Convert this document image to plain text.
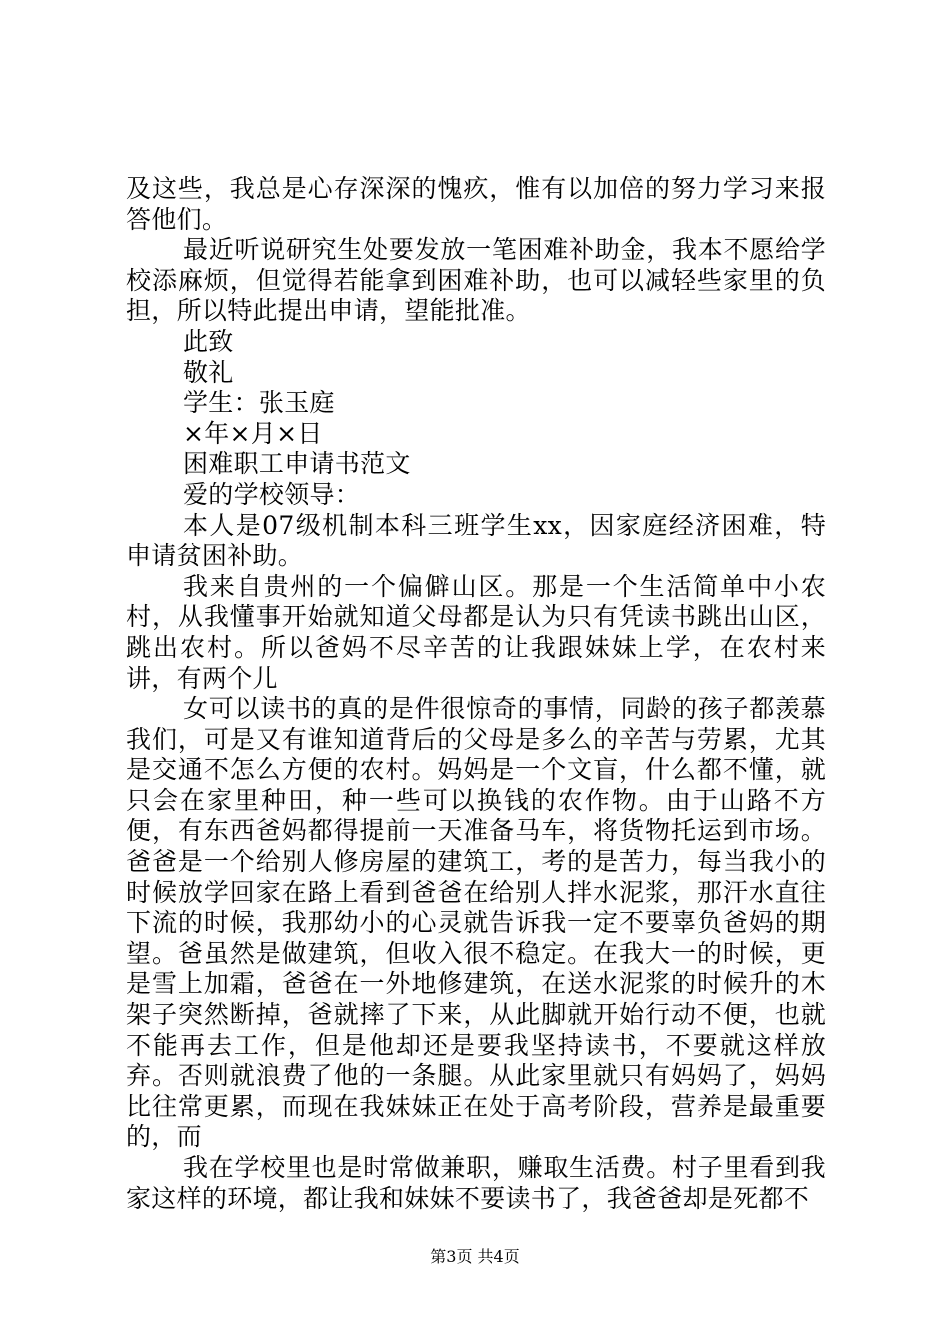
及这些，我总是心存深深的愧疚，惟有以加倍的努力学习来报答他们。

最近听说研究生处要发放一笔困难补助金，我本不愿给学校添麻烦，但觉得若能拿到困难补助，也可以减轻些家里的负担，所以特此提出申请，望能批准。

此致

敬礼

学生：张玉庭

×年×月×日

困难职工申请书范文

爱的学校领导：

本人是07级机制本科三班学生xx，因家庭经济困难，特申请贫困补助。

我来自贵州的一个偏僻山区。那是一个生活简单中小农村，从我懂事开始就知道父母都是认为只有凭读书跳出山区，跳出农村。所以爸妈不尽辛苦的让我跟妹妹上学，在农村来讲，有两个儿

女可以读书的真的是件很惊奇的事情，同龄的孩子都羡慕我们，可是又有谁知道背后的父母是多么的辛苦与劳累，尤其是交通不怎么方便的农村。妈妈是一个文盲，什么都不懂，就只会在家里种田，种一些可以换钱的农作物。由于山路不方便，有东西爸妈都得提前一天准备马车，将货物托运到市场。爸爸是一个给别人修房屋的建筑工，考的是苦力，每当我小的时候放学回家在路上看到爸爸在给别人拌水泥浆，那汗水直往下流的时候，我那幼小的心灵就告诉我一定不要辜负爸妈的期望。爸虽然是做建筑，但收入很不稳定。在我大一的时候，更是雪上加霜，爸爸在一外地修建筑，在送水泥浆的时候升的木架子突然断掉，爸就摔了下来，从此脚就开始行动不便，也就不能再去工作，但是他却还是要我坚持读书，不要就这样放弃。否则就浪费了他的一条腿。从此家里就只有妈妈了，妈妈比往常更累，而现在我妹妹正在处于高考阶段，营养是最重要的，而

我在学校里也是时常做兼职，赚取生活费。村子里看到我家这样的环境，都让我和妹妹不要读书了，我爸爸却是死都不

第3页 共4页
